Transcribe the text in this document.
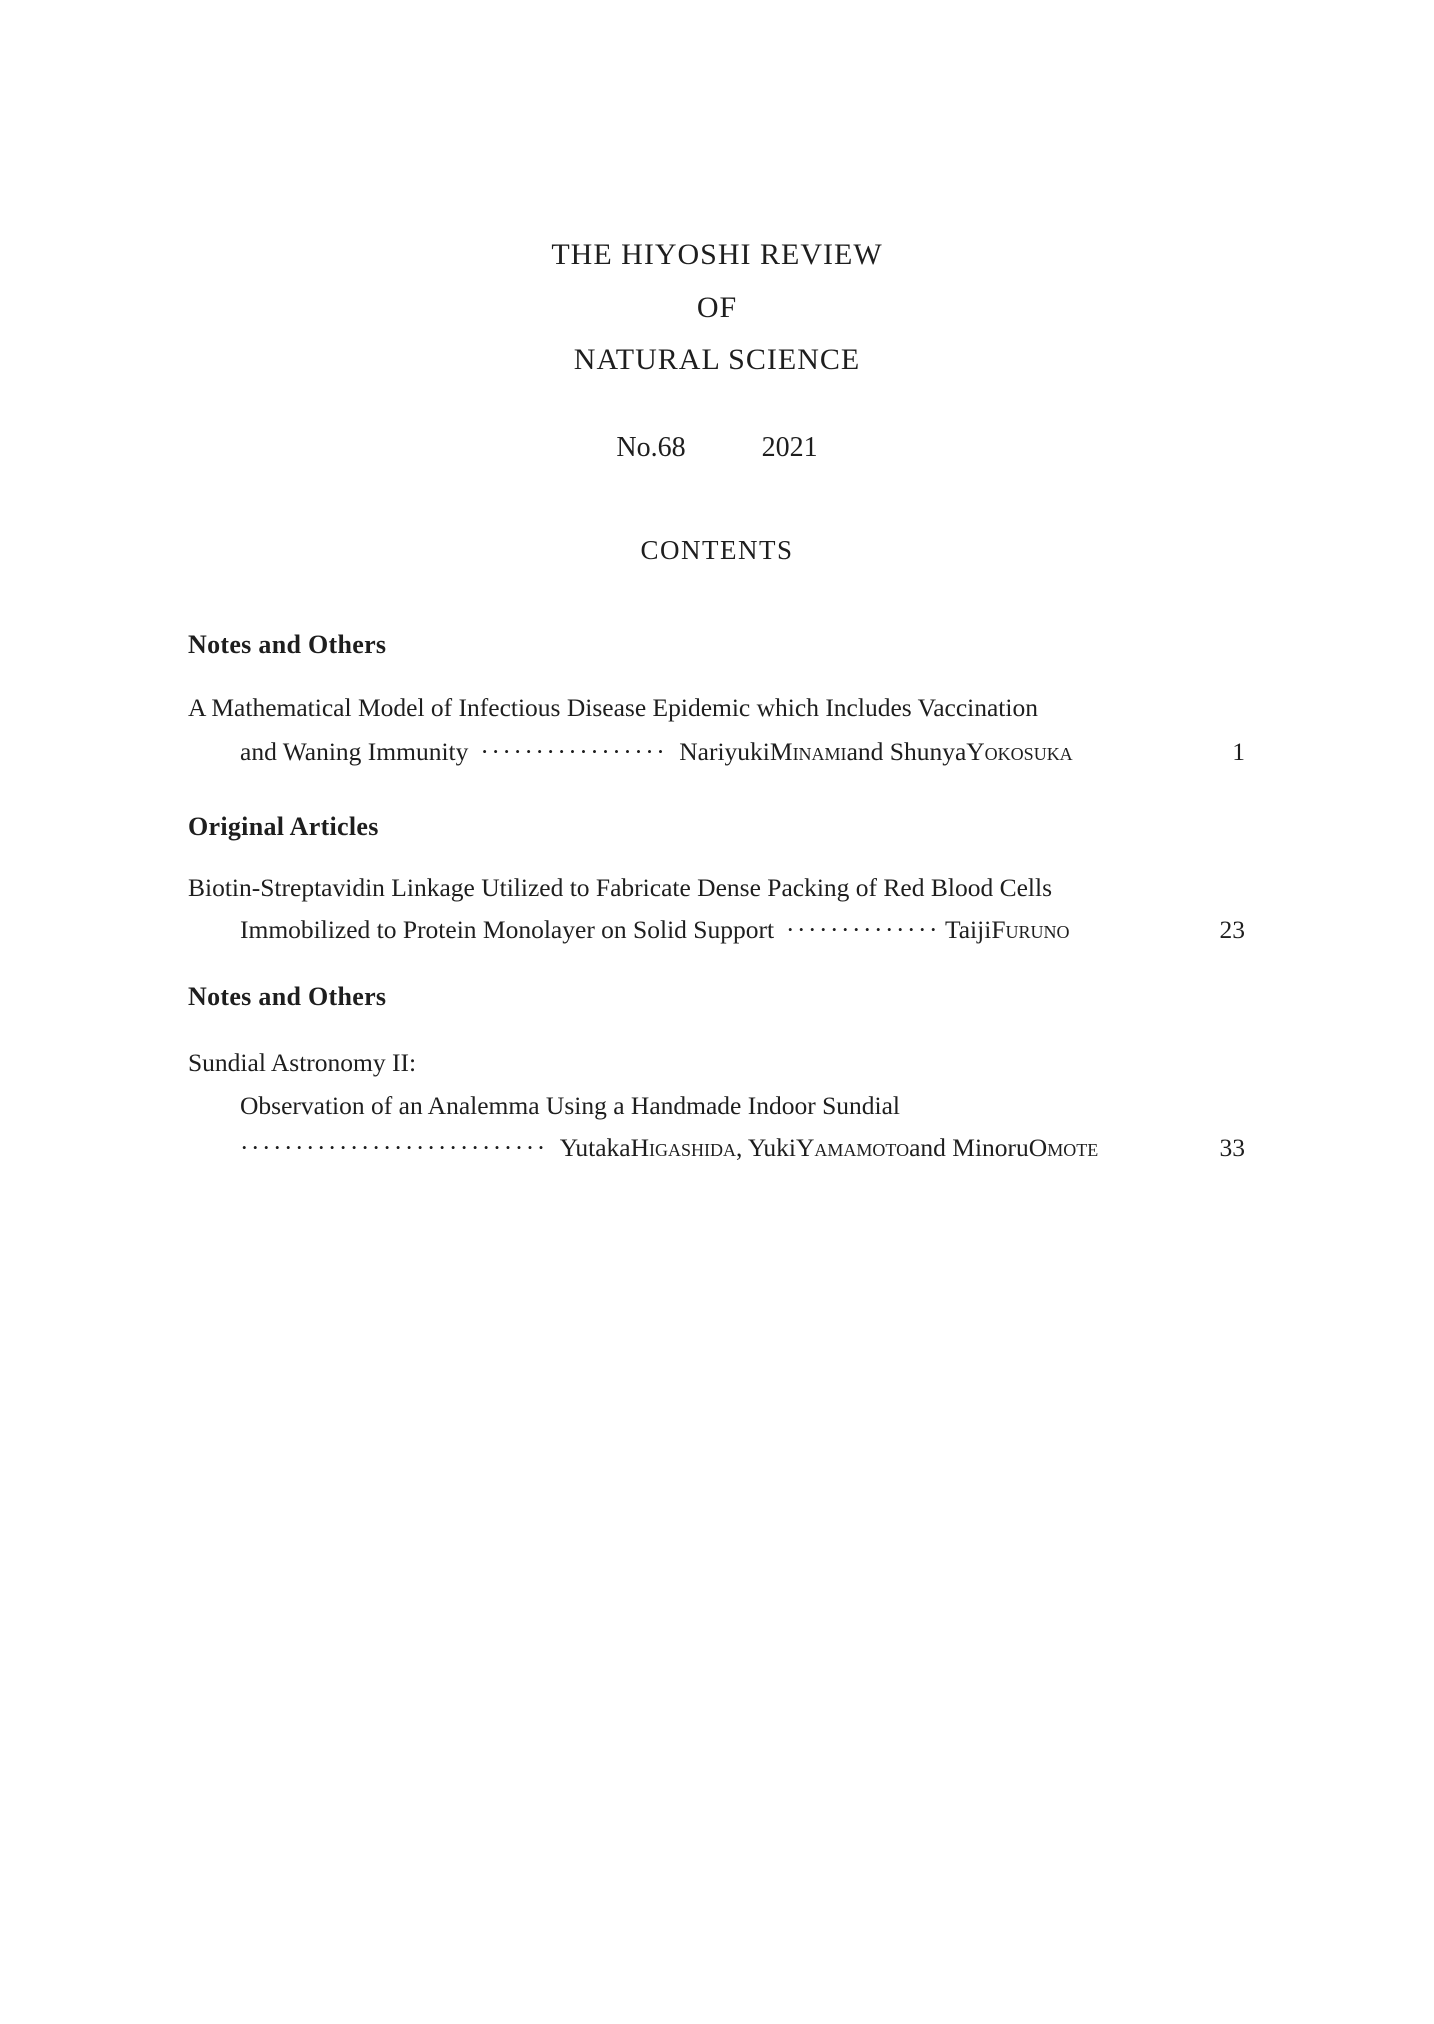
THE HIYOSHI REVIEW
OF
NATURAL SCIENCE
No.68	2021
CONTENTS
Notes and Others
A Mathematical Model of Infectious Disease Epidemic which Includes Vaccination
and Waning Immunity ················· Nariyuki Minami and Shunya Yokosuka	1
Original Articles
Biotin-Streptavidin Linkage Utilized to Fabricate Dense Packing of Red Blood Cells
Immobilized to Protein Monolayer on Solid Support ·············· Taiji Furuno	23
Notes and Others
Sundial Astronomy II:
Observation of an Analemma Using a Handmade Indoor Sundial
···························· Yutaka Higashida , Yuki Yamamoto and Minoru Omote	33
